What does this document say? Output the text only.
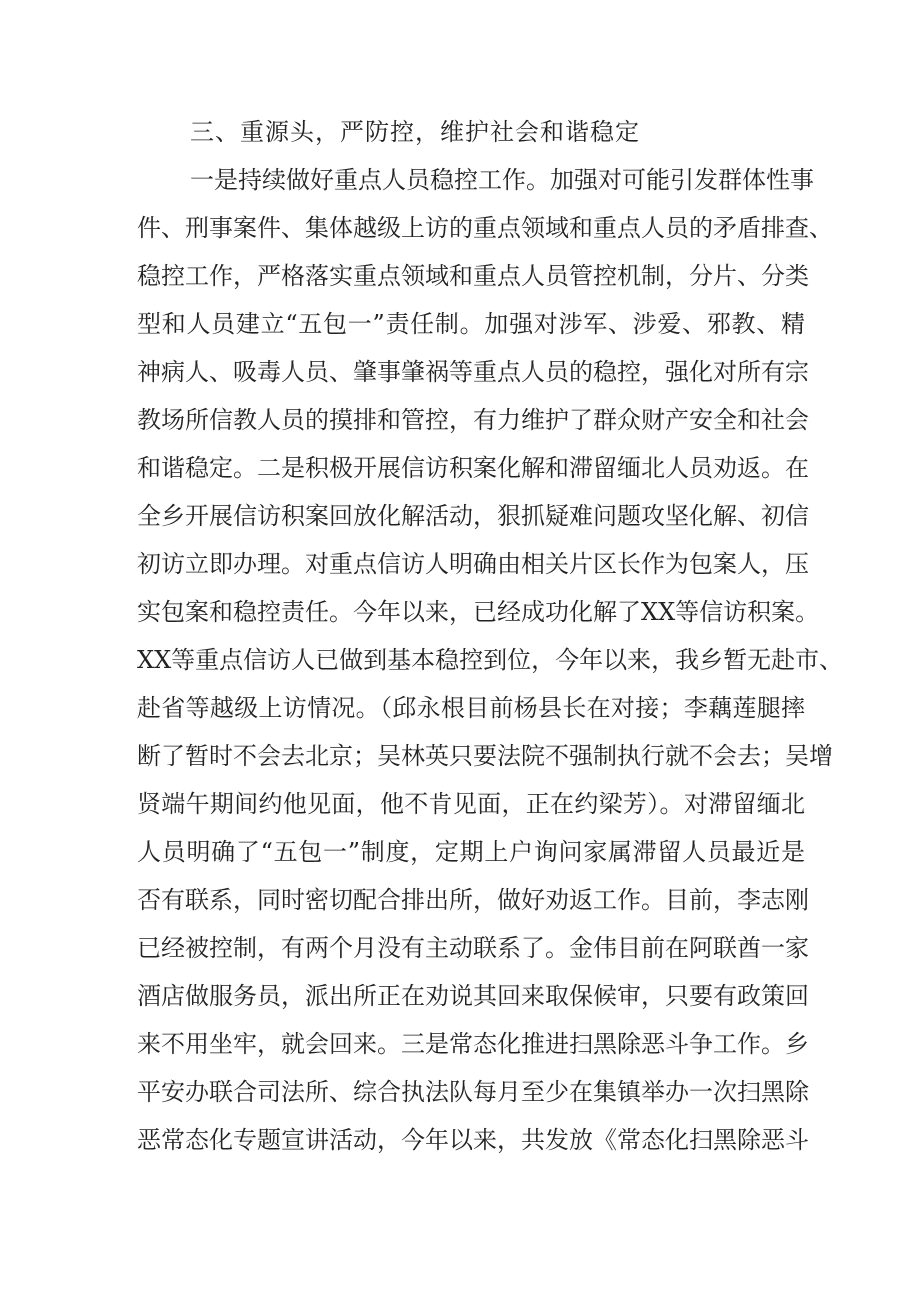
三、重源头，严防控，维护社会和谐稳定
一是持续做好重点人员稳控工作。加强对可能引发群体性事
件、刑事案件、集体越级上访的重点领域和重点人员的矛盾排查、
稳控工作，严格落实重点领域和重点人员管控机制，分片、分类
型和人员建立“五包一”责任制。加强对涉军、涉爱、邪教、精
神病人、吸毒人员、肇事肇祸等重点人员的稳控，强化对所有宗
教场所信教人员的摸排和管控，有力维护了群众财产安全和社会
和谐稳定。二是积极开展信访积案化解和滞留缅北人员劝返。在
全乡开展信访积案回放化解活动，狠抓疑难问题攻坚化解、初信
初访立即办理。对重点信访人明确由相关片区长作为包案人，压
实包案和稳控责任。今年以来，已经成功化解了XX等信访积案。
XX等重点信访人已做到基本稳控到位，今年以来，我乡暂无赴市、
赴省等越级上访情况。（邱永根目前杨县长在对接；李藕莲腿摔
断了暂时不会去北京；吴林英只要法院不强制执行就不会去；吴增
贤端午期间约他见面，他不肯见面，正在约梁芳）。对滞留缅北
人员明确了“五包一”制度，定期上户询问家属滞留人员最近是
否有联系，同时密切配合排出所，做好劝返工作。目前，李志刚
已经被控制，有两个月没有主动联系了。金伟目前在阿联酋一家
酒店做服务员，派出所正在劝说其回来取保候审，只要有政策回
来不用坐牢，就会回来。三是常态化推进扫黑除恶斗争工作。乡
平安办联合司法所、综合执法队每月至少在集镇举办一次扫黑除
恶常态化专题宣讲活动，今年以来，共发放《常态化扫黑除恶斗
